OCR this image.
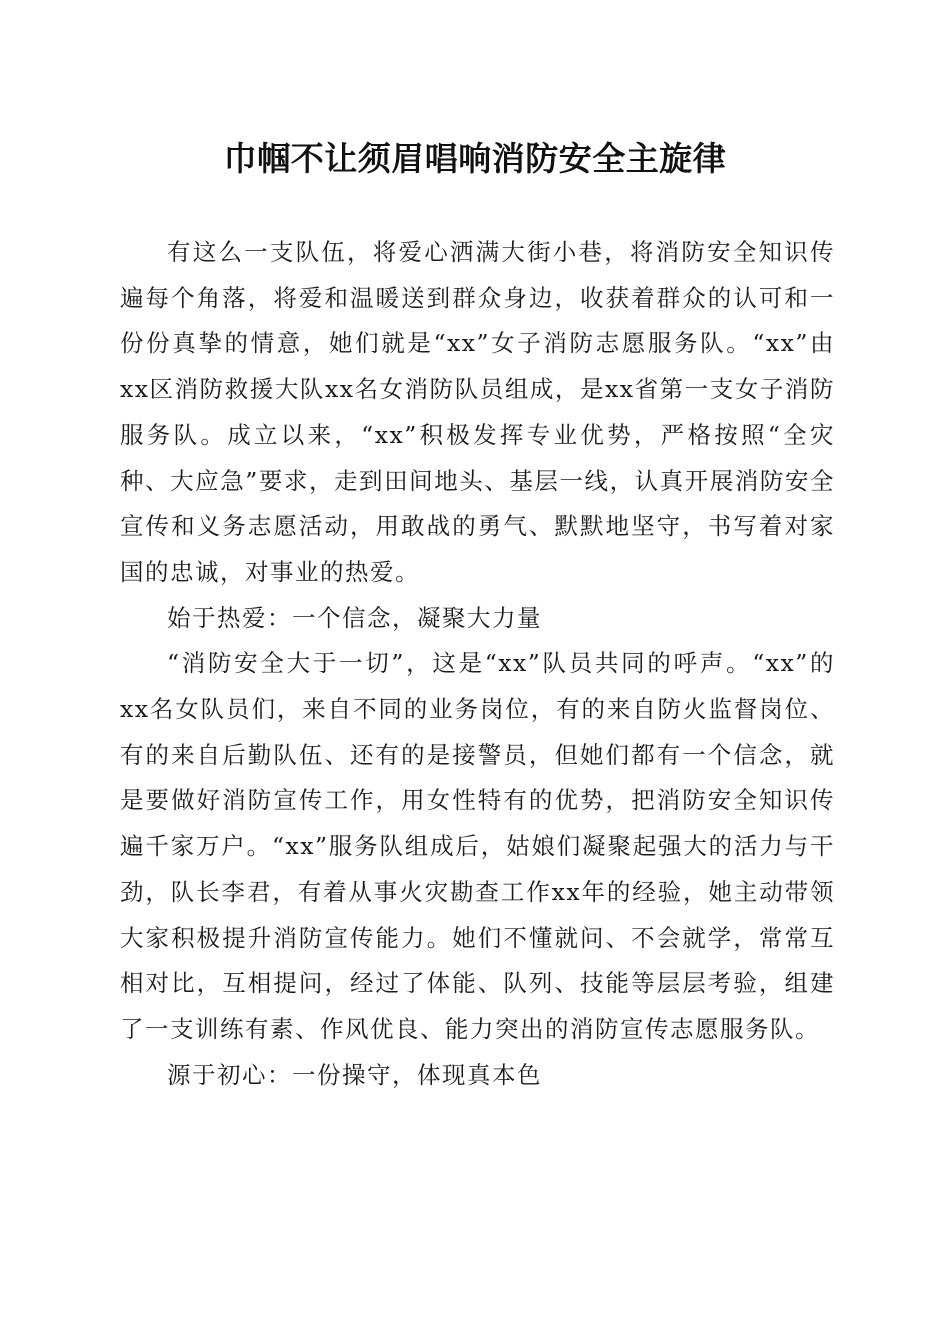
巾帼不让须眉唱响消防安全主旋律

有这么一支队伍，将爱心洒满大街小巷，将消防安全知识传遍每个角落，将爱和温暖送到群众身边，收获着群众的认可和一份份真挚的情意，她们就是“xx”女子消防志愿服务队。“xx”由xx区消防救援大队xx名女消防队员组成，是xx省第一支女子消防服务队。成立以来，“xx”积极发挥专业优势，严格按照“全灾种、大应急”要求，走到田间地头、基层一线，认真开展消防安全宣传和义务志愿活动，用敢战的勇气、默默地坚守，书写着对家国的忠诚，对事业的热爱。

始于热爱：一个信念，凝聚大力量

“消防安全大于一切”，这是“xx”队员共同的呼声。“xx”的xx名女队员们，来自不同的业务岗位，有的来自防火监督岗位、有的来自后勤队伍、还有的是接警员，但她们都有一个信念，就是要做好消防宣传工作，用女性特有的优势，把消防安全知识传遍千家万户。“xx”服务队组成后，姑娘们凝聚起强大的活力与干劲，队长李君，有着从事火灾勘查工作xx年的经验，她主动带领大家积极提升消防宣传能力。她们不懂就问、不会就学，常常互相对比，互相提问，经过了体能、队列、技能等层层考验，组建了一支训练有素、作风优良、能力突出的消防宣传志愿服务队。

源于初心：一份操守，体现真本色
